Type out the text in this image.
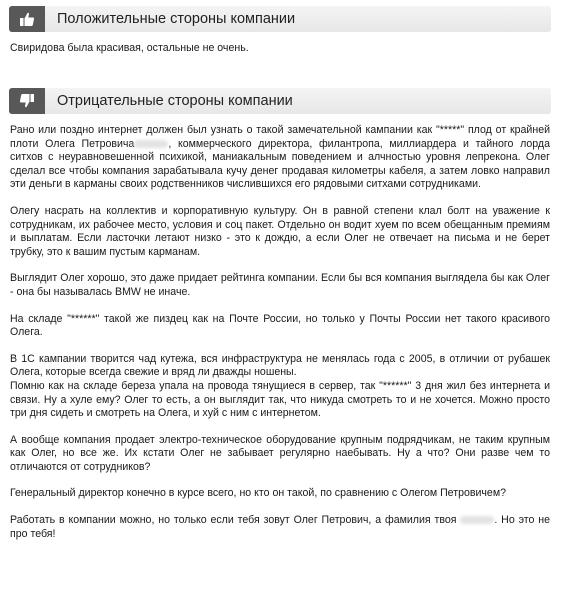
Положительные стороны компании

Свиридова была красивая, остальные не очень.

Отрицательные стороны компании

Рано или поздно интернет должен был узнать о такой замечательной кампании как "*****" плод от крайней плоти Олега Петровича	, коммерческого директора, филантропа, миллиардера и тайного лорда ситхов с неуравновешенной психикой, маниакальным поведением и алчностью уровня лепрекона. Олег сделал все чтобы компания зарабатывала кучу денег продавая километры кабеля, а затем ловко направил эти деньги в карманы своих родственников числившихся его рядовыми ситхами сотрудниками.

Олегу насрать на коллектив и корпоративную культуру. Он в равной степени клал болт на уважение к сотрудникам, их рабочее место, условия и соц пакет. Отдельно он водит хуем по всем обещанным премиям и выплатам. Если ласточки летают низко - это к дождю, а если Олег не отвечает на письма и не берет трубку, это к вашим пустым карманам.

Выглядит Олег хорошо, это даже придает рейтинга компании. Если бы вся компания выглядела бы как Олег - она бы называлась BMW не иначе.

На складе "******" такой же пиздец как на Почте России, но только у Почты России нет такого красивого Олега.

В 1С кампании творится чад кутежа, вся инфраструктура не менялась года с 2005, в отличии от рубашек Олега, которые всегда свежие и вряд ли дважды ношены.

Помню как на складе береза упала на провода тянущиеся в сервер, так "******" 3 дня жил без интернета и связи. Ну а хуле ему? Олег то есть, а он выглядит так, что никуда смотреть то и не хочется. Можно просто три дня сидеть и смотреть на Олега, и хуй с ним с интернетом.

А вообще компания продает электро-техническое оборудование крупным подрядчикам, не таким крупным как Олег, но все же. Их кстати Олег не забывает регулярно наебывать. Ну а что? Они разве чем то отличаются от сотрудников?

Генеральный директор конечно в курсе всего, но кто он такой, по сравнению с Олегом Петровичем?

Работать в компании можно, но только если тебя зовут Олег Петрович, а фамилия твоя	. Но это не про тебя!
